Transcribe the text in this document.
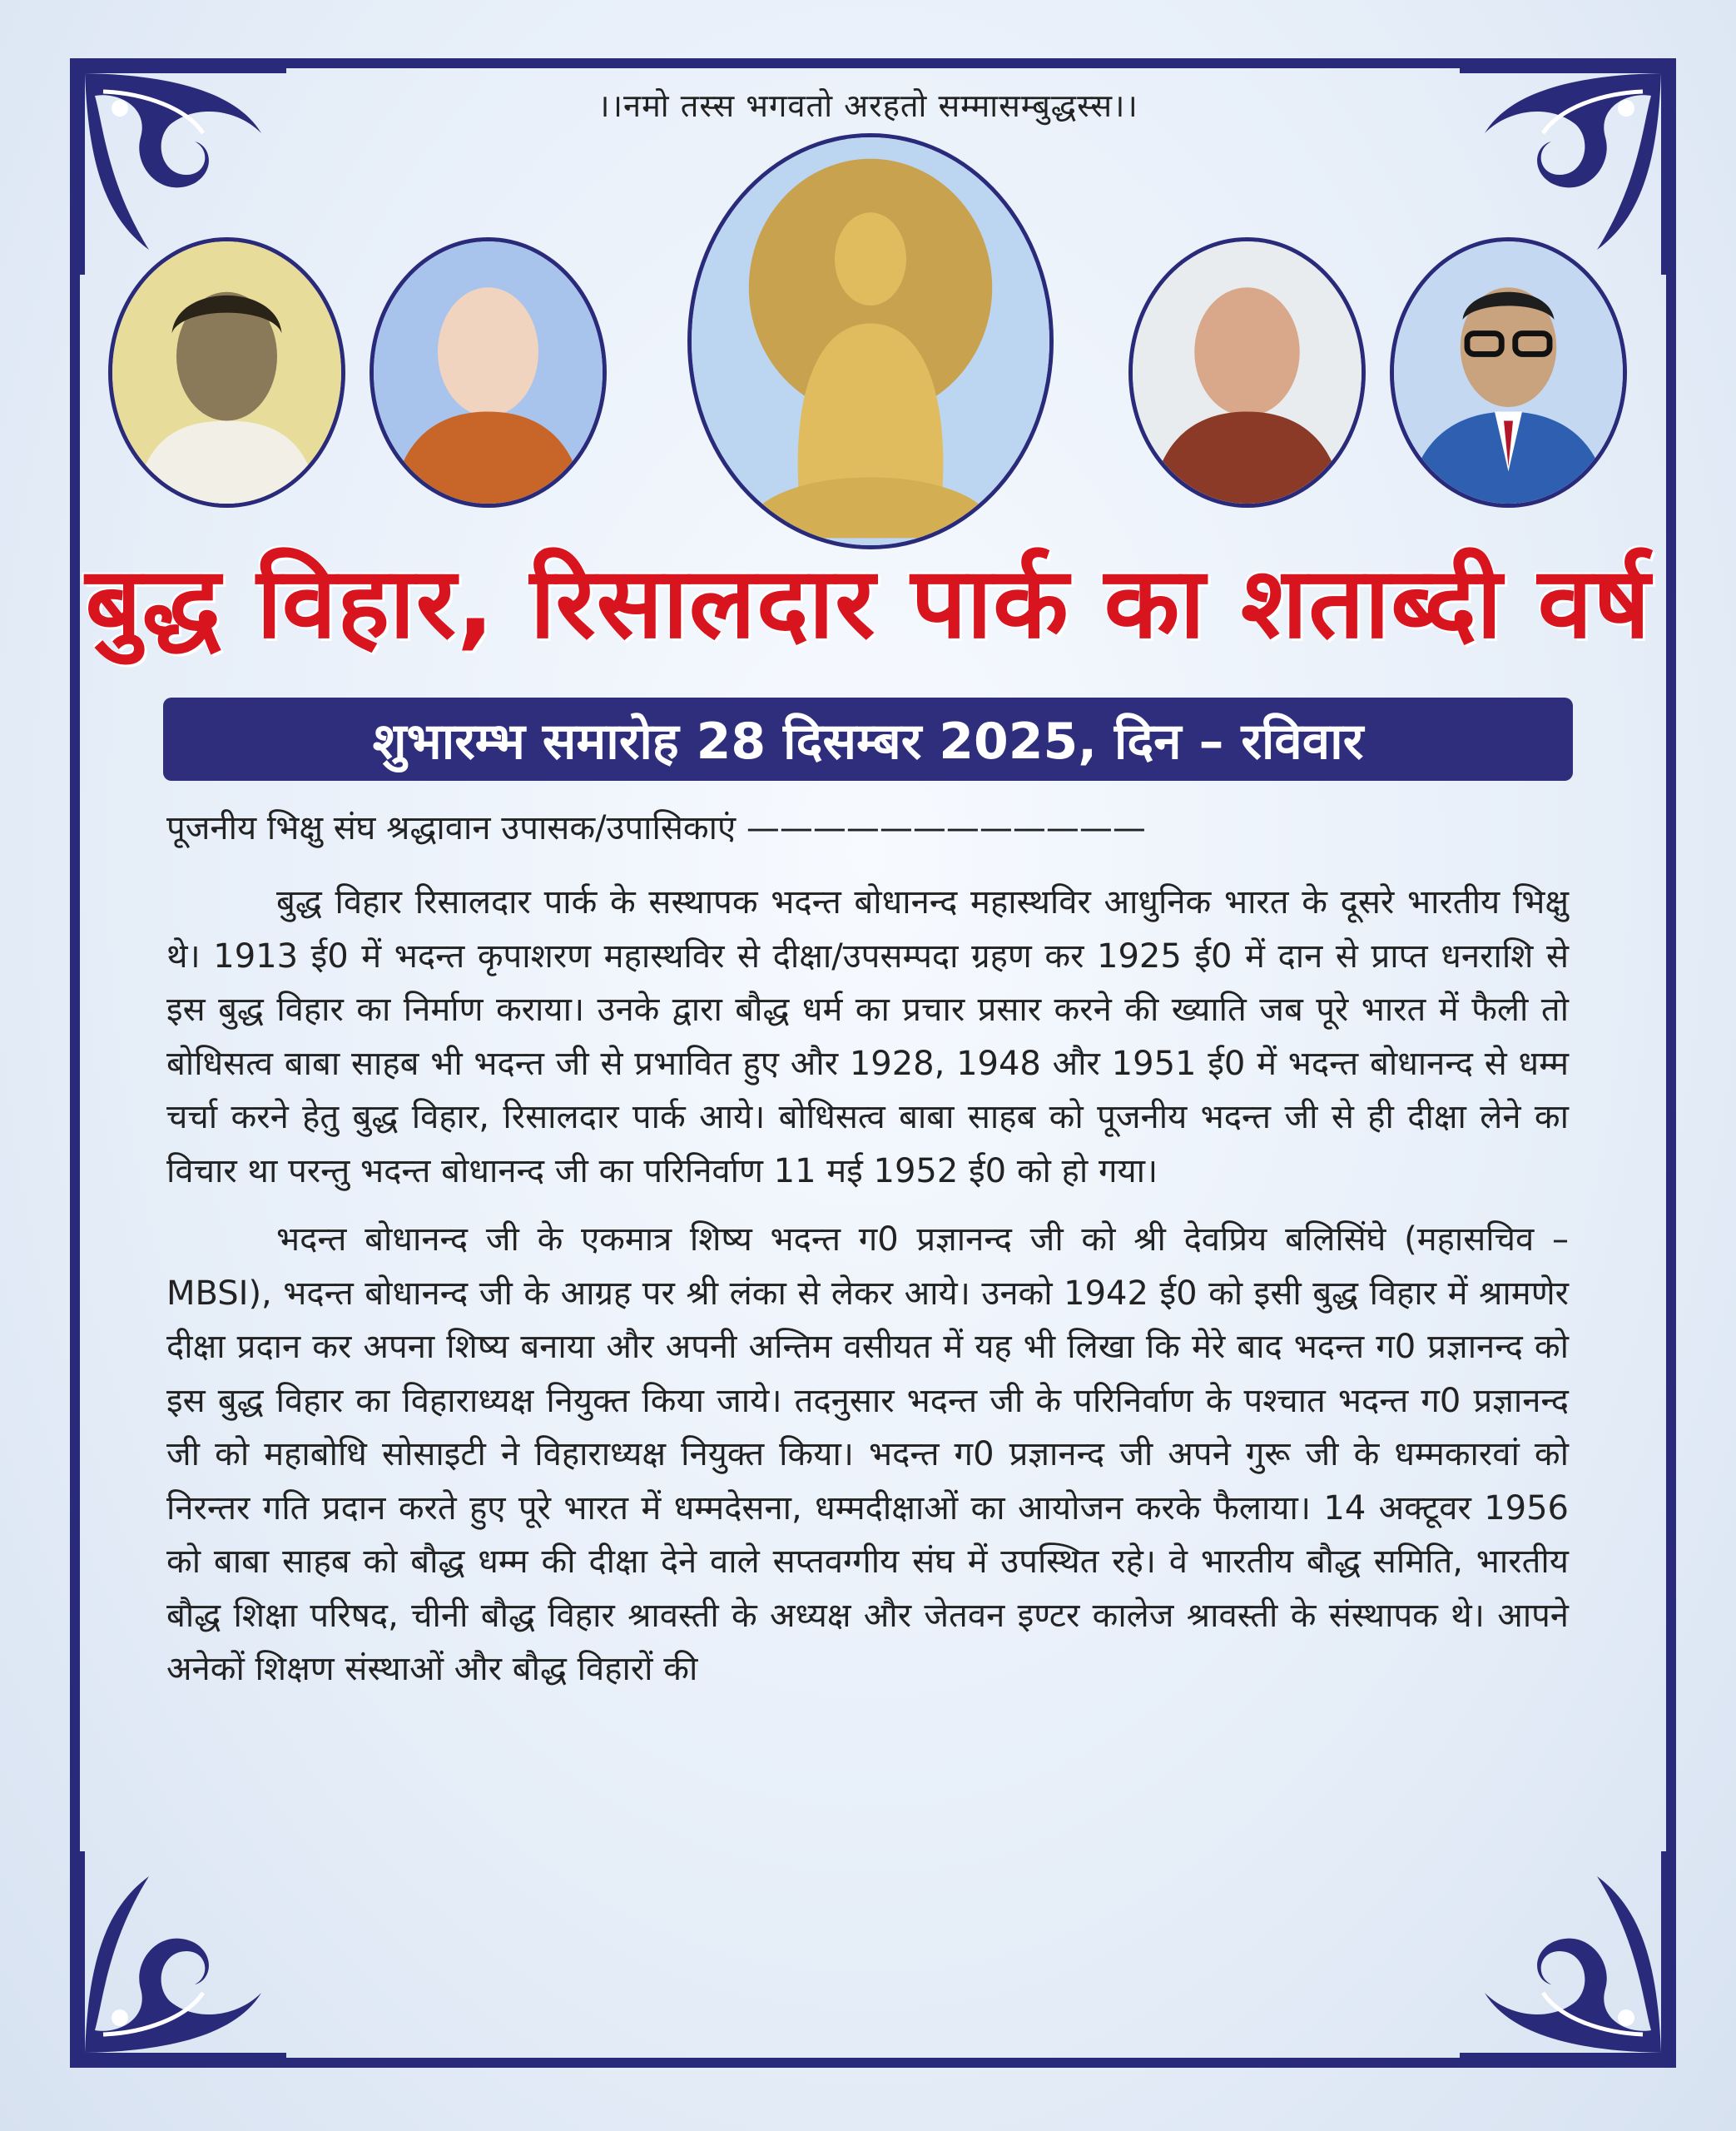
।।नमो तस्स भगवतो अरहतो सम्मासम्बुद्धस्स।।
बुद्ध विहार, रिसालदार पार्क का शताब्दी वर्ष
शुभारम्भ समारोह 28 दिसम्बर 2025, दिन – रविवार
पूजनीय भिक्षु संघ श्रद्धावान उपासक/उपासिकाएं ————————————

बुद्ध विहार रिसालदार पार्क के सस्थापक भदन्त बोधानन्द महास्थविर आधुनिक भारत के दूसरे भारतीय भिक्षु थे। 1913 ई0 में भदन्त कृपाशरण महास्थविर से दीक्षा/उपसम्पदा ग्रहण कर 1925 ई0 में दान से प्राप्त धनराशि से इस बुद्ध विहार का निर्माण कराया। उनके द्वारा बौद्ध धर्म का प्रचार प्रसार करने की ख्याति जब पूरे भारत में फैली तो बोधिसत्व बाबा साहब भी भदन्त जी से प्रभावित हुए और 1928, 1948 और 1951 ई0 में भदन्त बोधानन्द से धम्म चर्चा करने हेतु बुद्ध विहार, रिसालदार पार्क आये। बोधिसत्व बाबा साहब को पूजनीय भदन्त जी से ही दीक्षा लेने का विचार था परन्तु भदन्त बोधानन्द जी का परिनिर्वाण 11 मई 1952 ई0 को हो गया।

भदन्त बोधानन्द जी के एकमात्र शिष्य भदन्त ग0 प्रज्ञानन्द जी को श्री देवप्रिय बलिसिंघे (महासचिव – MBSI), भदन्त बोधानन्द जी के आग्रह पर श्री लंका से लेकर आये। उनको 1942 ई0 को इसी बुद्ध विहार में श्रामणेर दीक्षा प्रदान कर अपना शिष्य बनाया और अपनी अन्तिम वसीयत में यह भी लिखा कि मेरे बाद भदन्त ग0 प्रज्ञानन्द को इस बुद्ध विहार का विहाराध्यक्ष नियुक्त किया जाये। तदनुसार भदन्त जी के परिनिर्वाण के पश्चात भदन्त ग0 प्रज्ञानन्द जी को महाबोधि सोसाइटी ने विहाराध्यक्ष नियुक्त किया। भदन्त ग0 प्रज्ञानन्द जी अपने गुरू जी के धम्मकारवां को निरन्तर गति प्रदान करते हुए पूरे भारत में धम्मदेसना, धम्मदीक्षाओं का आयोजन करके फैलाया। 14 अक्टूवर 1956 को बाबा साहब को बौद्ध धम्म की दीक्षा देने वाले सप्तवग्गीय संघ में उपस्थित रहे। वे भारतीय बौद्ध समिति, भारतीय बौद्ध शिक्षा परिषद, चीनी बौद्ध विहार श्रावस्ती के अध्यक्ष और जेतवन इण्टर कालेज श्रावस्ती के संस्थापक थे। आपने अनेकों शिक्षण संस्थाओं और बौद्ध विहारों की
